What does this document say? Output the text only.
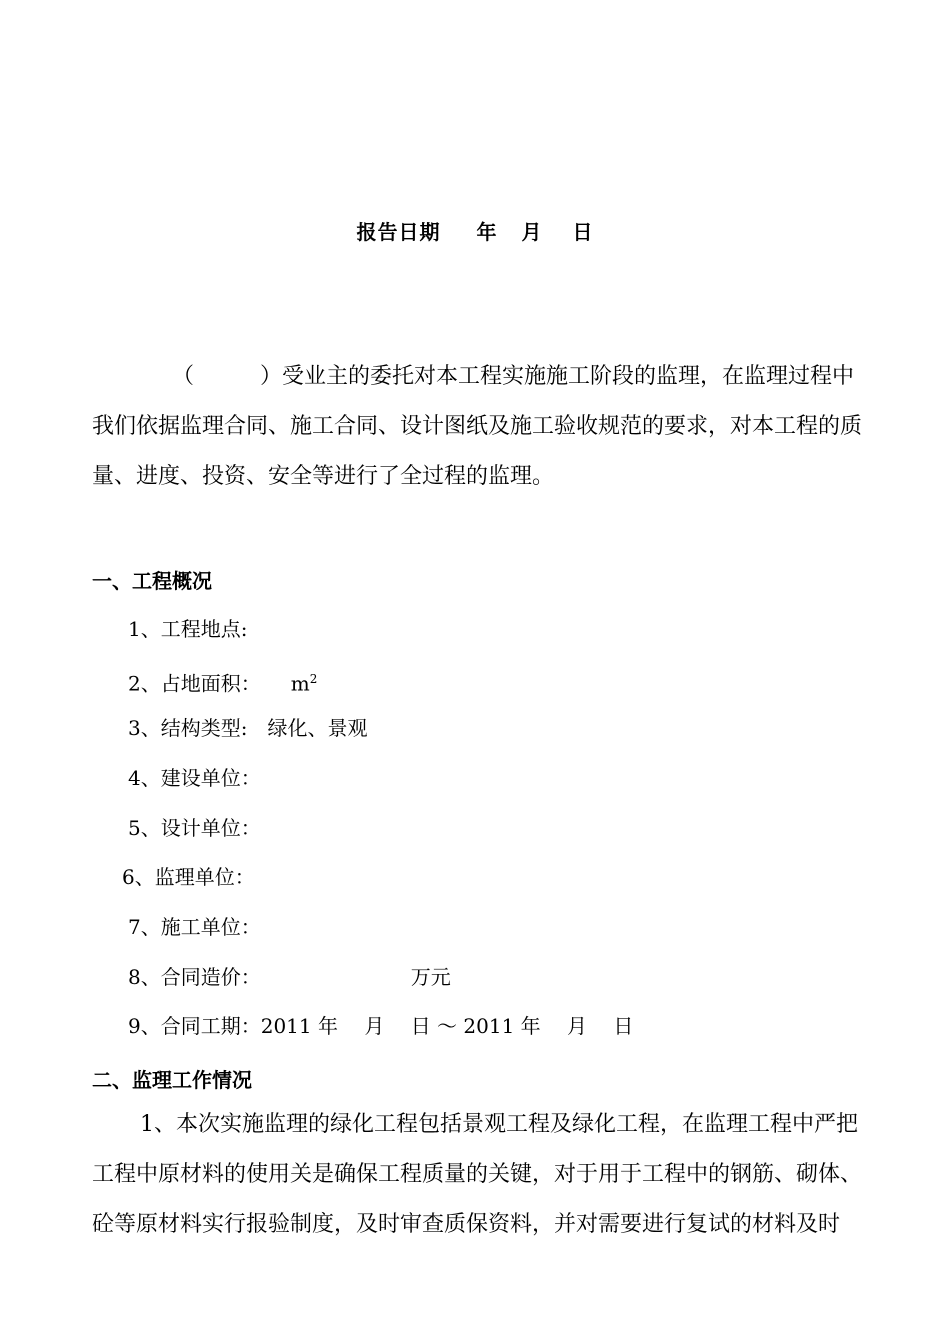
报告日期 年 月 日
（　　　）受业主的委托对本工程实施施工阶段的监理，在监理过程中我们依据监理合同、施工合同、设计图纸及施工验收规范的要求，对本工程的质量、进度、投资、安全等进行了全过程的监理。
一、工程概况
1、工程地点:
2、占地面积：　　$m^2$
3、结构类型:　绿化、景观
4、建设单位：
5、设计单位：
6、监理单位：
7、施工单位：
8、合同造价：　　　　　　　　万元
9、合同工期：2011 年　 月　 日 ～ 2011 年　 月　 日
二、监理工作情况
1、本次实施监理的绿化工程包括景观工程及绿化工程，在监理工程中严把工程中原材料的使用关是确保工程质量的关键，对于用于工程中的钢筋、砌体、砼等原材料实行报验制度，及时审查质保资料，并对需要进行复试的材料及时
